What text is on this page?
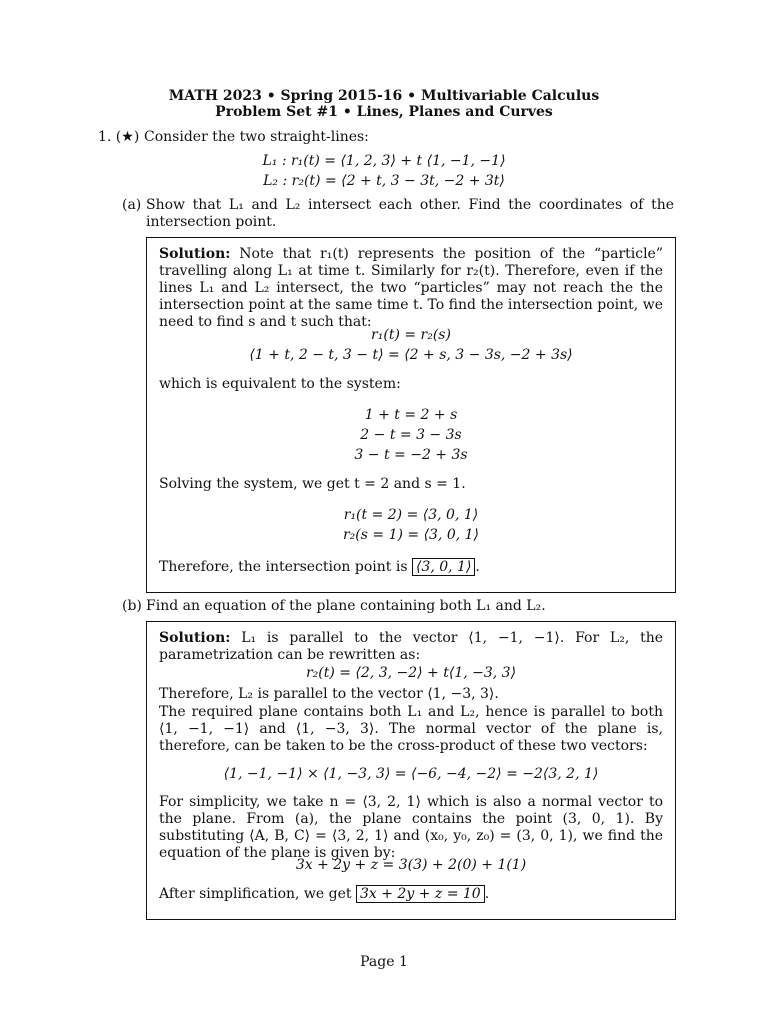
MATH 2023 • Spring 2015-16 • Multivariable Calculus
Problem Set #1 • Lines, Planes and Curves
1. (★) Consider the two straight-lines:
L₁ : r₁(t) = ⟨1, 2, 3⟩ + t ⟨1, −1, −1⟩
L₂ : r₂(t) = ⟨2 + t, 3 − 3t, −2 + 3t⟩
(a) Show that L₁ and L₂ intersect each other. Find the coordinates of the intersection point.
Solution: Note that r₁(t) represents the position of the “particle” travelling along L₁ at time t. Similarly for r₂(t). Therefore, even if the lines L₁ and L₂ intersect, the two “particles” may not reach the the intersection point at the same time t. To find the intersection point, we need to find s and t such that:
r₁(t) = r₂(s)
⟨1 + t, 2 − t, 3 − t⟩ = ⟨2 + s, 3 − 3s, −2 + 3s⟩
which is equivalent to the system:
1 + t = 2 + s
2 − t = 3 − 3s
3 − t = −2 + 3s
Solving the system, we get t = 2 and s = 1.
r₁(t = 2) = ⟨3, 0, 1⟩
r₂(s = 1) = ⟨3, 0, 1⟩
Therefore, the intersection point is ⟨3, 0, 1⟩ .
(b) Find an equation of the plane containing both L₁ and L₂.
Solution: L₁ is parallel to the vector ⟨1, −1, −1⟩. For L₂, the parametrization can be rewritten as:
r₂(t) = ⟨2, 3, −2⟩ + t⟨1, −3, 3⟩
Therefore, L₂ is parallel to the vector ⟨1, −3, 3⟩.
The required plane contains both L₁ and L₂, hence is parallel to both ⟨1, −1, −1⟩ and ⟨1, −3, 3⟩. The normal vector of the plane is, therefore, can be taken to be the cross-product of these two vectors:
⟨1, −1, −1⟩ × ⟨1, −3, 3⟩ = ⟨−6, −4, −2⟩ = −2⟨3, 2, 1⟩
For simplicity, we take n = ⟨3, 2, 1⟩ which is also a normal vector to the plane. From (a), the plane contains the point (3, 0, 1). By substituting ⟨A, B, C⟩ = ⟨3, 2, 1⟩ and (x₀, y₀, z₀) = (3, 0, 1), we find the equation of the plane is given by:
3x + 2y + z = 3(3) + 2(0) + 1(1)
After simplification, we get 3x + 2y + z = 10 .
Page 1
